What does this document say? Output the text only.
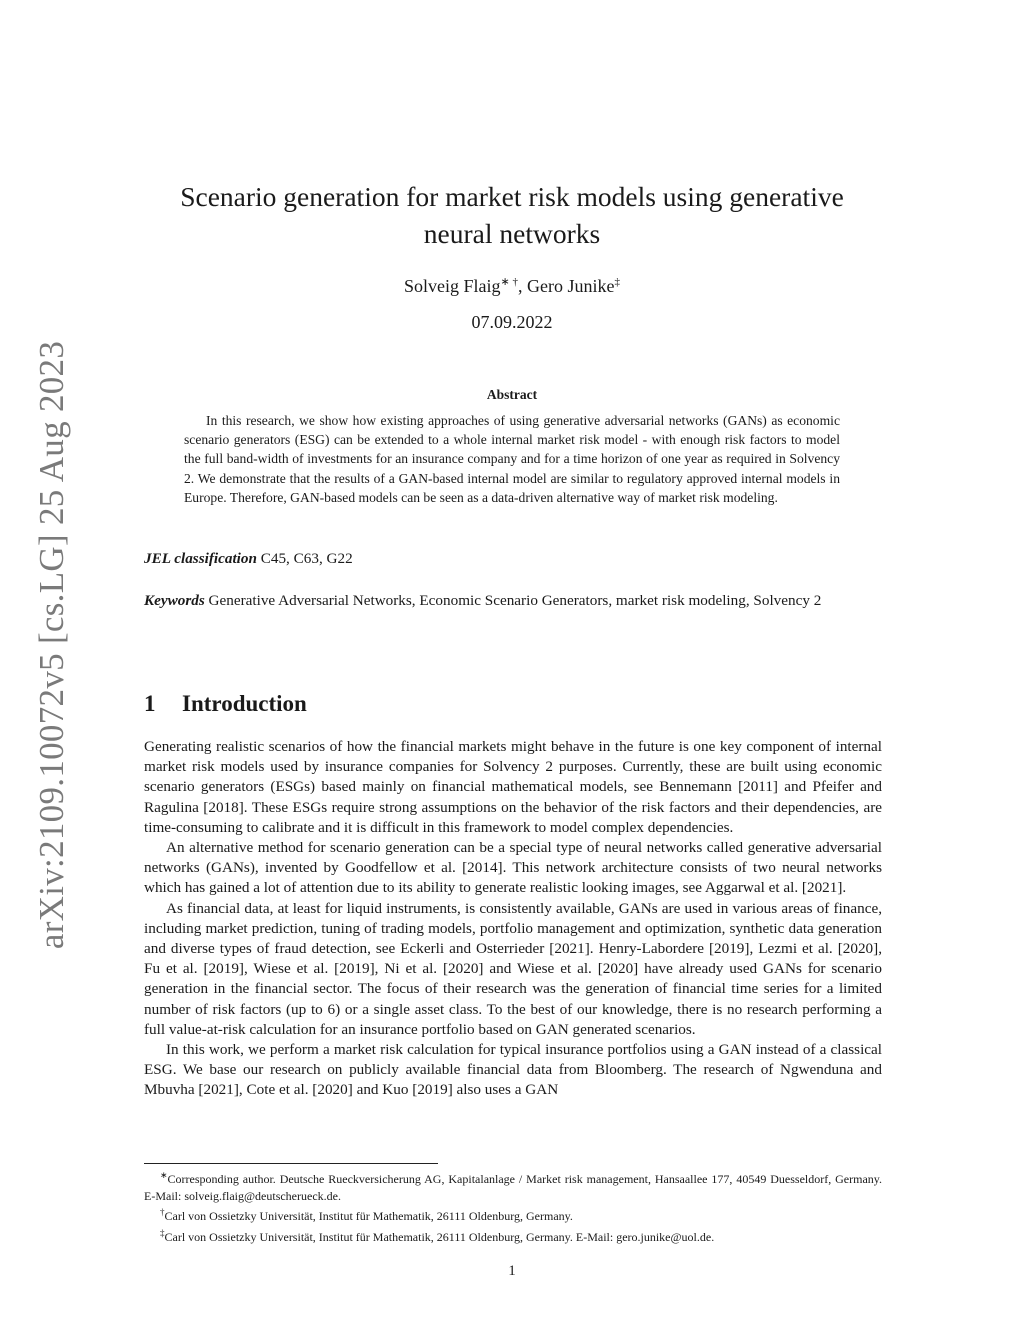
arXiv:2109.10072v5 [cs.LG] 25 Aug 2023
Scenario generation for market risk models using generative neural networks
Solveig Flaig∗ †, Gero Junike‡
07.09.2022
Abstract

In this research, we show how existing approaches of using generative adversarial networks (GANs) as economic scenario generators (ESG) can be extended to a whole internal market risk model - with enough risk factors to model the full band-width of investments for an insurance company and for a time horizon of one year as required in Solvency 2. We demonstrate that the results of a GAN-based internal model are similar to regulatory approved internal models in Europe. Therefore, GAN-based models can be seen as a data-driven alternative way of market risk modeling.

JEL classification C45, C63, G22

Keywords Generative Adversarial Networks, Economic Scenario Generators, market risk modeling, Solvency 2

1 Introduction

Generating realistic scenarios of how the financial markets might behave in the future is one key component of internal market risk models used by insurance companies for Solvency 2 purposes. Currently, these are built using economic scenario generators (ESGs) based mainly on financial mathematical models, see Bennemann [2011] and Pfeifer and Ragulina [2018]. These ESGs require strong assumptions on the behavior of the risk factors and their dependencies, are time-consuming to calibrate and it is difficult in this framework to model complex dependencies.

An alternative method for scenario generation can be a special type of neural networks called generative adversarial networks (GANs), invented by Goodfellow et al. [2014]. This network architecture consists of two neural networks which has gained a lot of attention due to its ability to generate realistic looking images, see Aggarwal et al. [2021].

As financial data, at least for liquid instruments, is consistently available, GANs are used in various areas of finance, including market prediction, tuning of trading models, portfolio management and optimization, synthetic data generation and diverse types of fraud detection, see Eckerli and Osterrieder [2021]. Henry-Labordere [2019], Lezmi et al. [2020], Fu et al. [2019], Wiese et al. [2019], Ni et al. [2020] and Wiese et al. [2020] have already used GANs for scenario generation in the financial sector. The focus of their research was the generation of financial time series for a limited number of risk factors (up to 6) or a single asset class. To the best of our knowledge, there is no research performing a full value-at-risk calculation for an insurance portfolio based on GAN generated scenarios.

In this work, we perform a market risk calculation for typical insurance portfolios using a GAN instead of a classical ESG. We base our research on publicly available financial data from Bloomberg. The research of Ngwenduna and Mbuvha [2021], Cote et al. [2020] and Kuo [2019] also uses a GAN

∗Corresponding author. Deutsche Rueckversicherung AG, Kapitalanlage / Market risk management, Hansaallee 177, 40549 Duesseldorf, Germany. E-Mail: solveig.flaig@deutscherueck.de.

†Carl von Ossietzky Universität, Institut für Mathematik, 26111 Oldenburg, Germany.

‡Carl von Ossietzky Universität, Institut für Mathematik, 26111 Oldenburg, Germany. E-Mail: gero.junike@uol.de.

1
